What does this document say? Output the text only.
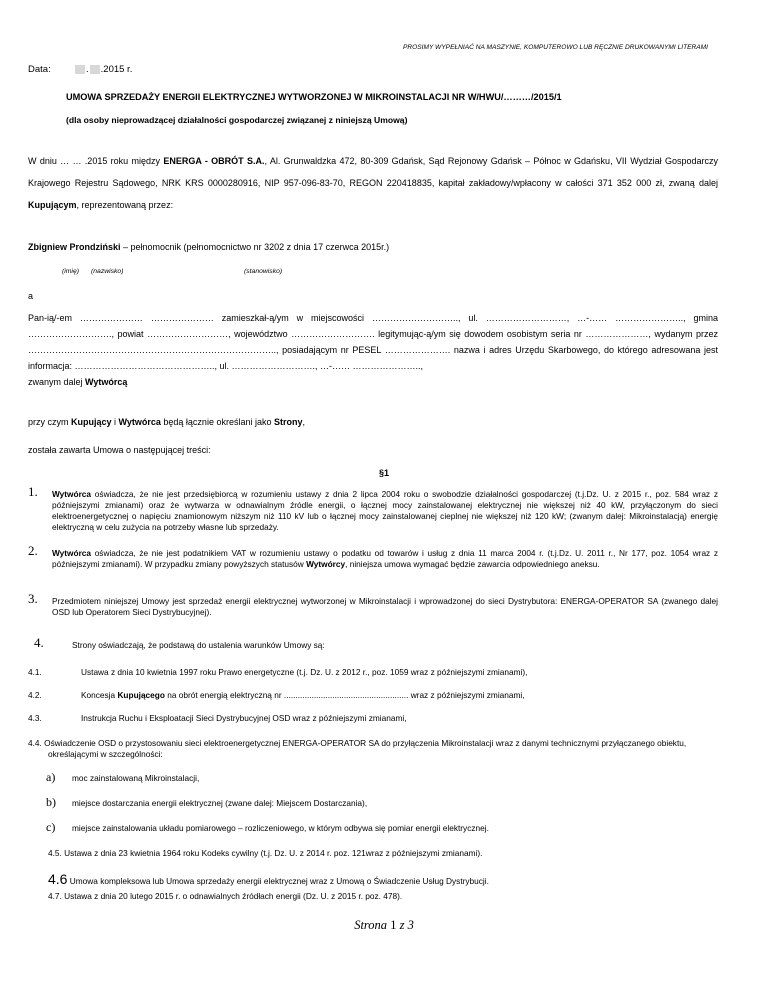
PROSIMY WYPEŁNIAĆ NA MASZYNIE, KOMPUTEROWO LUB RĘCZNIE DRUKOWANYMI LITERAMI
Data:	. .2015 r.
UMOWA SPRZEDAŻY ENERGII ELEKTRYCZNEJ WYTWORZONEJ W MIKROINSTALACJI NR W/HWU/………/2015/1
(dla osoby nieprowadzącej działalności gospodarczej związanej z niniejszą Umową)
W dniu … … .2015 roku między ENERGA - OBRÓT S.A., Al. Grunwaldzka 472, 80-309 Gdańsk, Sąd Rejonowy Gdańsk – Północ w Gdańsku, VII Wydział Gospodarczy Krajowego Rejestru Sądowego, NRK KRS 0000280916, NIP 957-096-83-70, REGON 220418835, kapitał zakładowy/wpłacony w całości 371 352 000 zł, zwaną dalej Kupującym, reprezentowaną przez:
Zbigniew Prondziński – pełnomocnik (pełnomocnictwo nr 3202 z dnia 17 czerwca 2015r.)
(imię) (nazwisko)	(stanowisko)
a
Pan-ią/-em ………………… ………………… zamieszkał-ą/ym w miejscowości ……………………….., ul. ………………………, …-…… ………………….., gmina ………………………., powiat ………………………, województwo ………………………. legitymując-ą/ym się dowodem osobistym seria nr …………………, wydanym przez ……………………………………………………………………….., posiadającym nr PESEL …………………. nazwa i adres Urzędu Skarbowego, do którego adresowana jest informacja: ……………………………………….., ul. ………………………., …-…… …………………..,
zwanym dalej Wytwórcą
przy czym Kupujący i Wytwórca będą łącznie określani jako Strony,
została zawarta Umowa o następującej treści:
§1
1. Wytwórca oświadcza, że nie jest przedsiębiorcą w rozumieniu ustawy z dnia 2 lipca 2004 roku o swobodzie działalności gospodarczej (t.j.Dz. U. z 2015 r., poz. 584 wraz z późniejszymi zmianami) oraz że wytwarza w odnawialnym źródle energii, o łącznej mocy zainstalowanej elektrycznej nie większej niż 40 kW, przyłączonym do sieci elektroenergetycznej o napięciu znamionowym niższym niż 110 kV lub o łącznej mocy zainstalowanej cieplnej nie większej niż 120 kW; (zwanym dalej: Mikroinstalacją) energię elektryczną w celu zużycia na potrzeby własne lub sprzedaży.
2. Wytwórca oświadcza, że nie jest podatnikiem VAT w rozumieniu ustawy o podatku od towarów i usług z dnia 11 marca 2004 r. (t.j.Dz. U. 2011 r., Nr 177, poz. 1054 wraz z późniejszymi zmianami). W przypadku zmiany powyższych statusów Wytwórcy, niniejsza umowa wymagać będzie zawarcia odpowiedniego aneksu.
3. Przedmiotem niniejszej Umowy jest sprzedaż energii elektrycznej wytworzonej w Mikroinstalacji i wprowadzonej do sieci Dystrybutora: ENERGA-OPERATOR SA (zwanego dalej OSD lub Operatorem Sieci Dystrybucyjnej).
4.	Strony oświadczają, że podstawą do ustalenia warunków Umowy są:
4.1.	Ustawa z dnia 10 kwietnia 1997 roku Prawo energetyczne (t.j. Dz. U. z 2012 r., poz. 1059 wraz z późniejszymi zmianami),
4.2.	Koncesja Kupującego na obrót energią elektryczną nr ...................................................... wraz z późniejszymi zmianami,
4.3.	Instrukcja Ruchu i Eksploatacji Sieci Dystrybucyjnej OSD wraz z późniejszymi zmianami,
4.4. Oświadczenie OSD o przystosowaniu sieci elektroenergetycznej ENERGA-OPERATOR SA do przyłączenia Mikroinstalacji wraz z danymi technicznymi przyłączanego obiektu, określającymi w szczególności:
a) moc zainstalowaną Mikroinstalacji,
b) miejsce dostarczania energii elektrycznej (zwane dalej: Miejscem Dostarczania),
c) miejsce zainstalowania układu pomiarowego – rozliczeniowego, w którym odbywa się pomiar energii elektrycznej.
4.5. Ustawa z dnia 23 kwietnia 1964 roku Kodeks cywilny (t.j. Dz. U. z 2014 r. poz. 121wraz z późniejszymi zmianami).
4.6 Umowa kompleksowa lub Umowa sprzedaży energii elektrycznej wraz z Umową o Świadczenie Usług Dystrybucji.
4.7. Ustawa z dnia 20 lutego 2015 r. o odnawialnych źródłach energii (Dz. U. z 2015 r. poz. 478).
Strona 1 z 3
